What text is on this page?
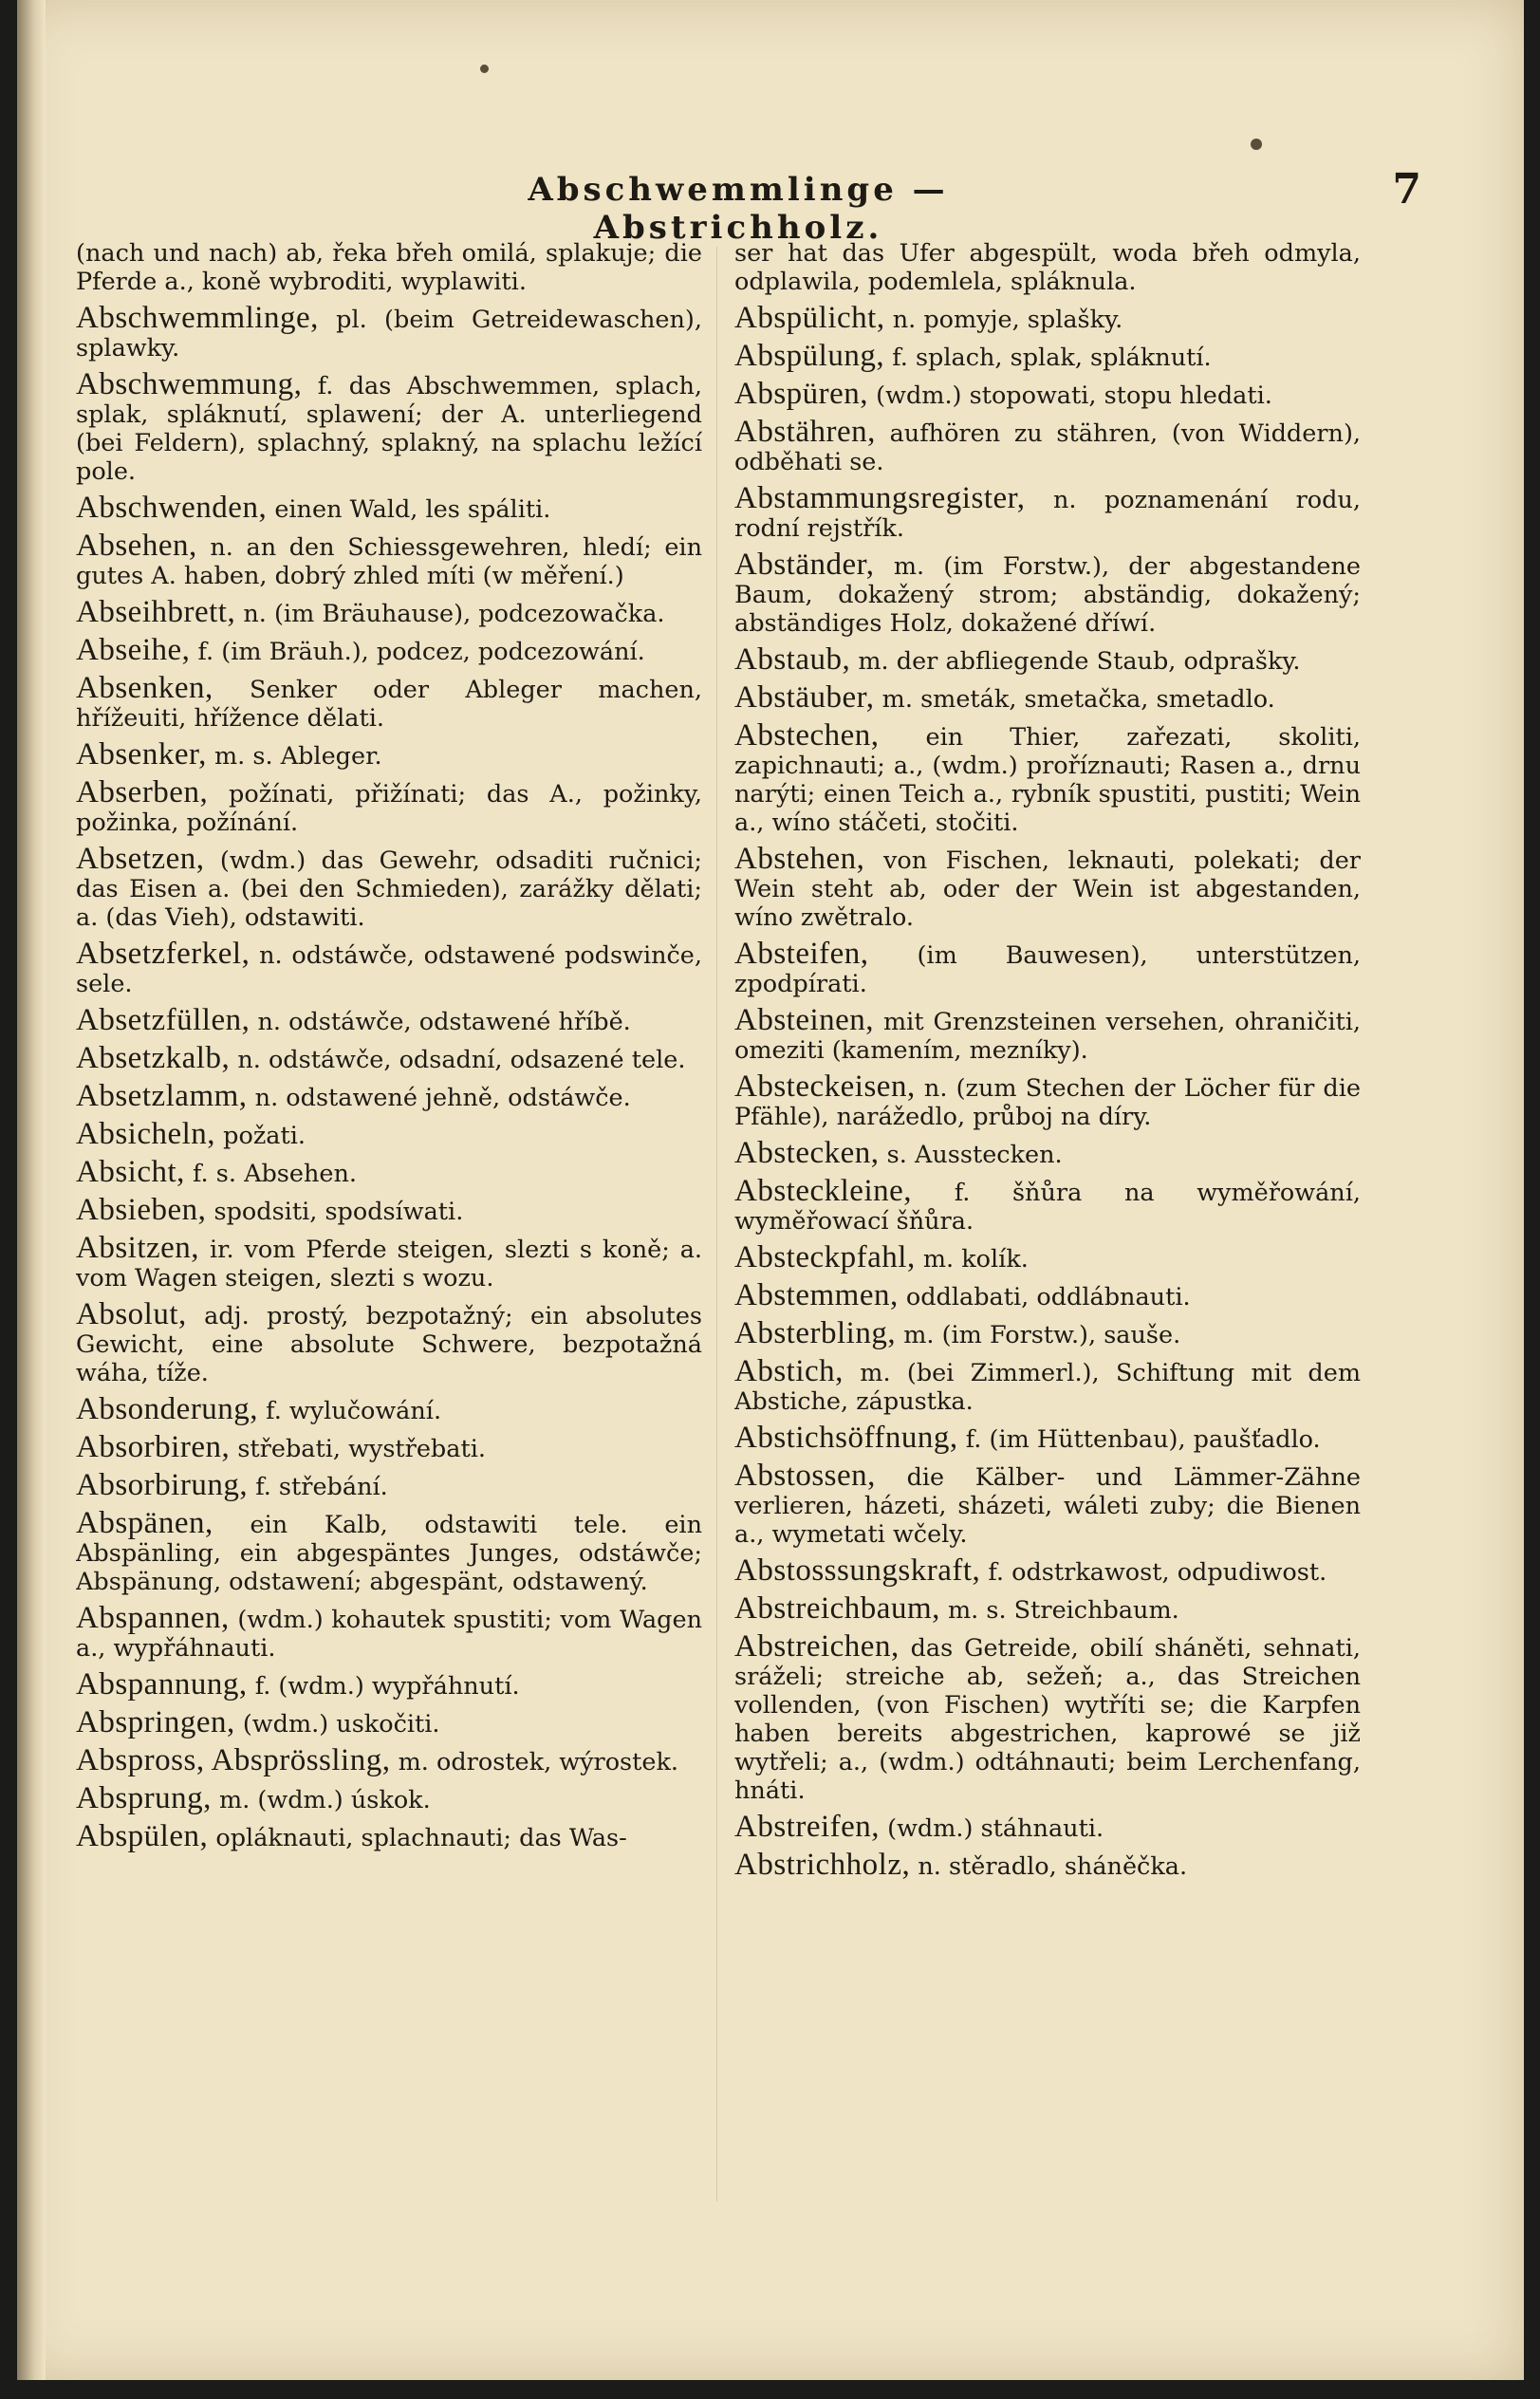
Abschwemmlinge — Abstrichholz.
7
(nach und nach) ab, řeka břeh omilá, splakuje; die Pferde a., koně wybroditi, wyplawiti.
Abschwemmlinge, pl. (beim Getreidewaschen), splawky.
Abschwemmung, f. das Abschwemmen, splach, splak, spláknutí, splawení; der A. unterliegend (bei Feldern), splachný, splakný, na splachu ležící pole.
Abschwenden, einen Wald, les spáliti.
Absehen, n. an den Schiessgewehren, hledí; ein gutes A. haben, dobrý zhled míti (w měření.)
Abseihbrett, n. (im Bräuhause), podcezowačka.
Abseihe, f. (im Bräuh.), podcez, podcezowání.
Absenken, Senker oder Ableger machen, hřížeuiti, hřížence dělati.
Absenker, m. s. Ableger.
Abserben, požínati, přižínati; das A., požinky, požinka, požínání.
Absetzen, (wdm.) das Gewehr, odsaditi ručnici; das Eisen a. (bei den Schmieden), zarážky dělati; a. (das Vieh), odstawiti.
Absetzferkel, n. odstáwče, odstawené podswinče, sele.
Absetzfüllen, n. odstáwče, odstawené hříbě.
Absetzkalb, n. odstáwče, odsadní, odsazené tele.
Absetzlamm, n. odstawené jehně, odstáwče.
Absicheln, požati.
Absicht, f. s. Absehen.
Absieben, spodsiti, spodsíwati.
Absitzen, ir. vom Pferde steigen, slezti s koně; a. vom Wagen steigen, slezti s wozu.
Absolut, adj. prostý, bezpotažný; ein absolutes Gewicht, eine absolute Schwere, bezpotažná wáha, tíže.
Absonderung, f. wylučowání.
Absorbiren, střebati, wystřebati.
Absorbirung, f. střebání.
Abspänen, ein Kalb, odstawiti tele. ein Abspänling, ein abgespäntes Junges, odstáwče; Abspänung, odstawení; abgespänt, odstawený.
Abspannen, (wdm.) kohautek spustiti; vom Wagen a., wypřáhnauti.
Abspannung, f. (wdm.) wypřáhnutí.
Abspringen, (wdm.) uskočiti.
Abspross, Absprössling, m. odrostek, wýrostek.
Absprung, m. (wdm.) úskok.
Abspülen, opláknauti, splachnauti; das Was-
ser hat das Ufer abgespült, woda břeh odmyla, odplawila, podemlela, spláknula.
Abspülicht, n. pomyje, splašky.
Abspülung, f. splach, splak, spláknutí.
Abspüren, (wdm.) stopowati, stopu hledati.
Abstähren, aufhören zu stähren, (von Widdern), odběhati se.
Abstammungsregister, n. poznamenání rodu, rodní rejstřík.
Abständer, m. (im Forstw.), der abgestandene Baum, dokažený strom; abständig, dokažený; abständiges Holz, dokažené dříwí.
Abstaub, m. der abfliegende Staub, odprašky.
Abstäuber, m. smeták, smetačka, smetadlo.
Abstechen, ein Thier, zařezati, skoliti, zapichnauti; a., (wdm.) proříznauti; Rasen a., drnu narýti; einen Teich a., rybník spustiti, pustiti; Wein a., wíno stáčeti, stočiti.
Abstehen, von Fischen, leknauti, polekati; der Wein steht ab, oder der Wein ist abgestanden, wíno zwětralo.
Absteifen, (im Bauwesen), unterstützen, zpodpírati.
Absteinen, mit Grenzsteinen versehen, ohraničiti, omeziti (kamením, mezníky).
Absteckeisen, n. (zum Stechen der Löcher für die Pfähle), narážedlo, průboj na díry.
Abstecken, s. Ausstecken.
Absteckleine, f. šňůra na wyměřowání, wyměřowací šňůra.
Absteckpfahl, m. kolík.
Abstemmen, oddlabati, oddlábnauti.
Absterbling, m. (im Forstw.), sauše.
Abstich, m. (bei Zimmerl.), Schiftung mit dem Abstiche, zápustka.
Abstichsöffnung, f. (im Hüttenbau), paušťadlo.
Abstossen, die Kälber- und Lämmer-Zähne verlieren, házeti, sházeti, wáleti zuby; die Bienen a., wymetati wčely.
Abstosssungskraft, f. odstrkawost, odpudiwost.
Abstreichbaum, m. s. Streichbaum.
Abstreichen, das Getreide, obilí sháněti, sehnati, sráželi; streiche ab, sežeň; a., das Streichen vollenden, (von Fischen) wytříti se; die Karpfen haben bereits abgestrichen, kaprowé se již wytřeli; a., (wdm.) odtáhnauti; beim Lerchenfang, hnáti.
Abstreifen, (wdm.) stáhnauti.
Abstrichholz, n. stěradlo, sháněčka.
